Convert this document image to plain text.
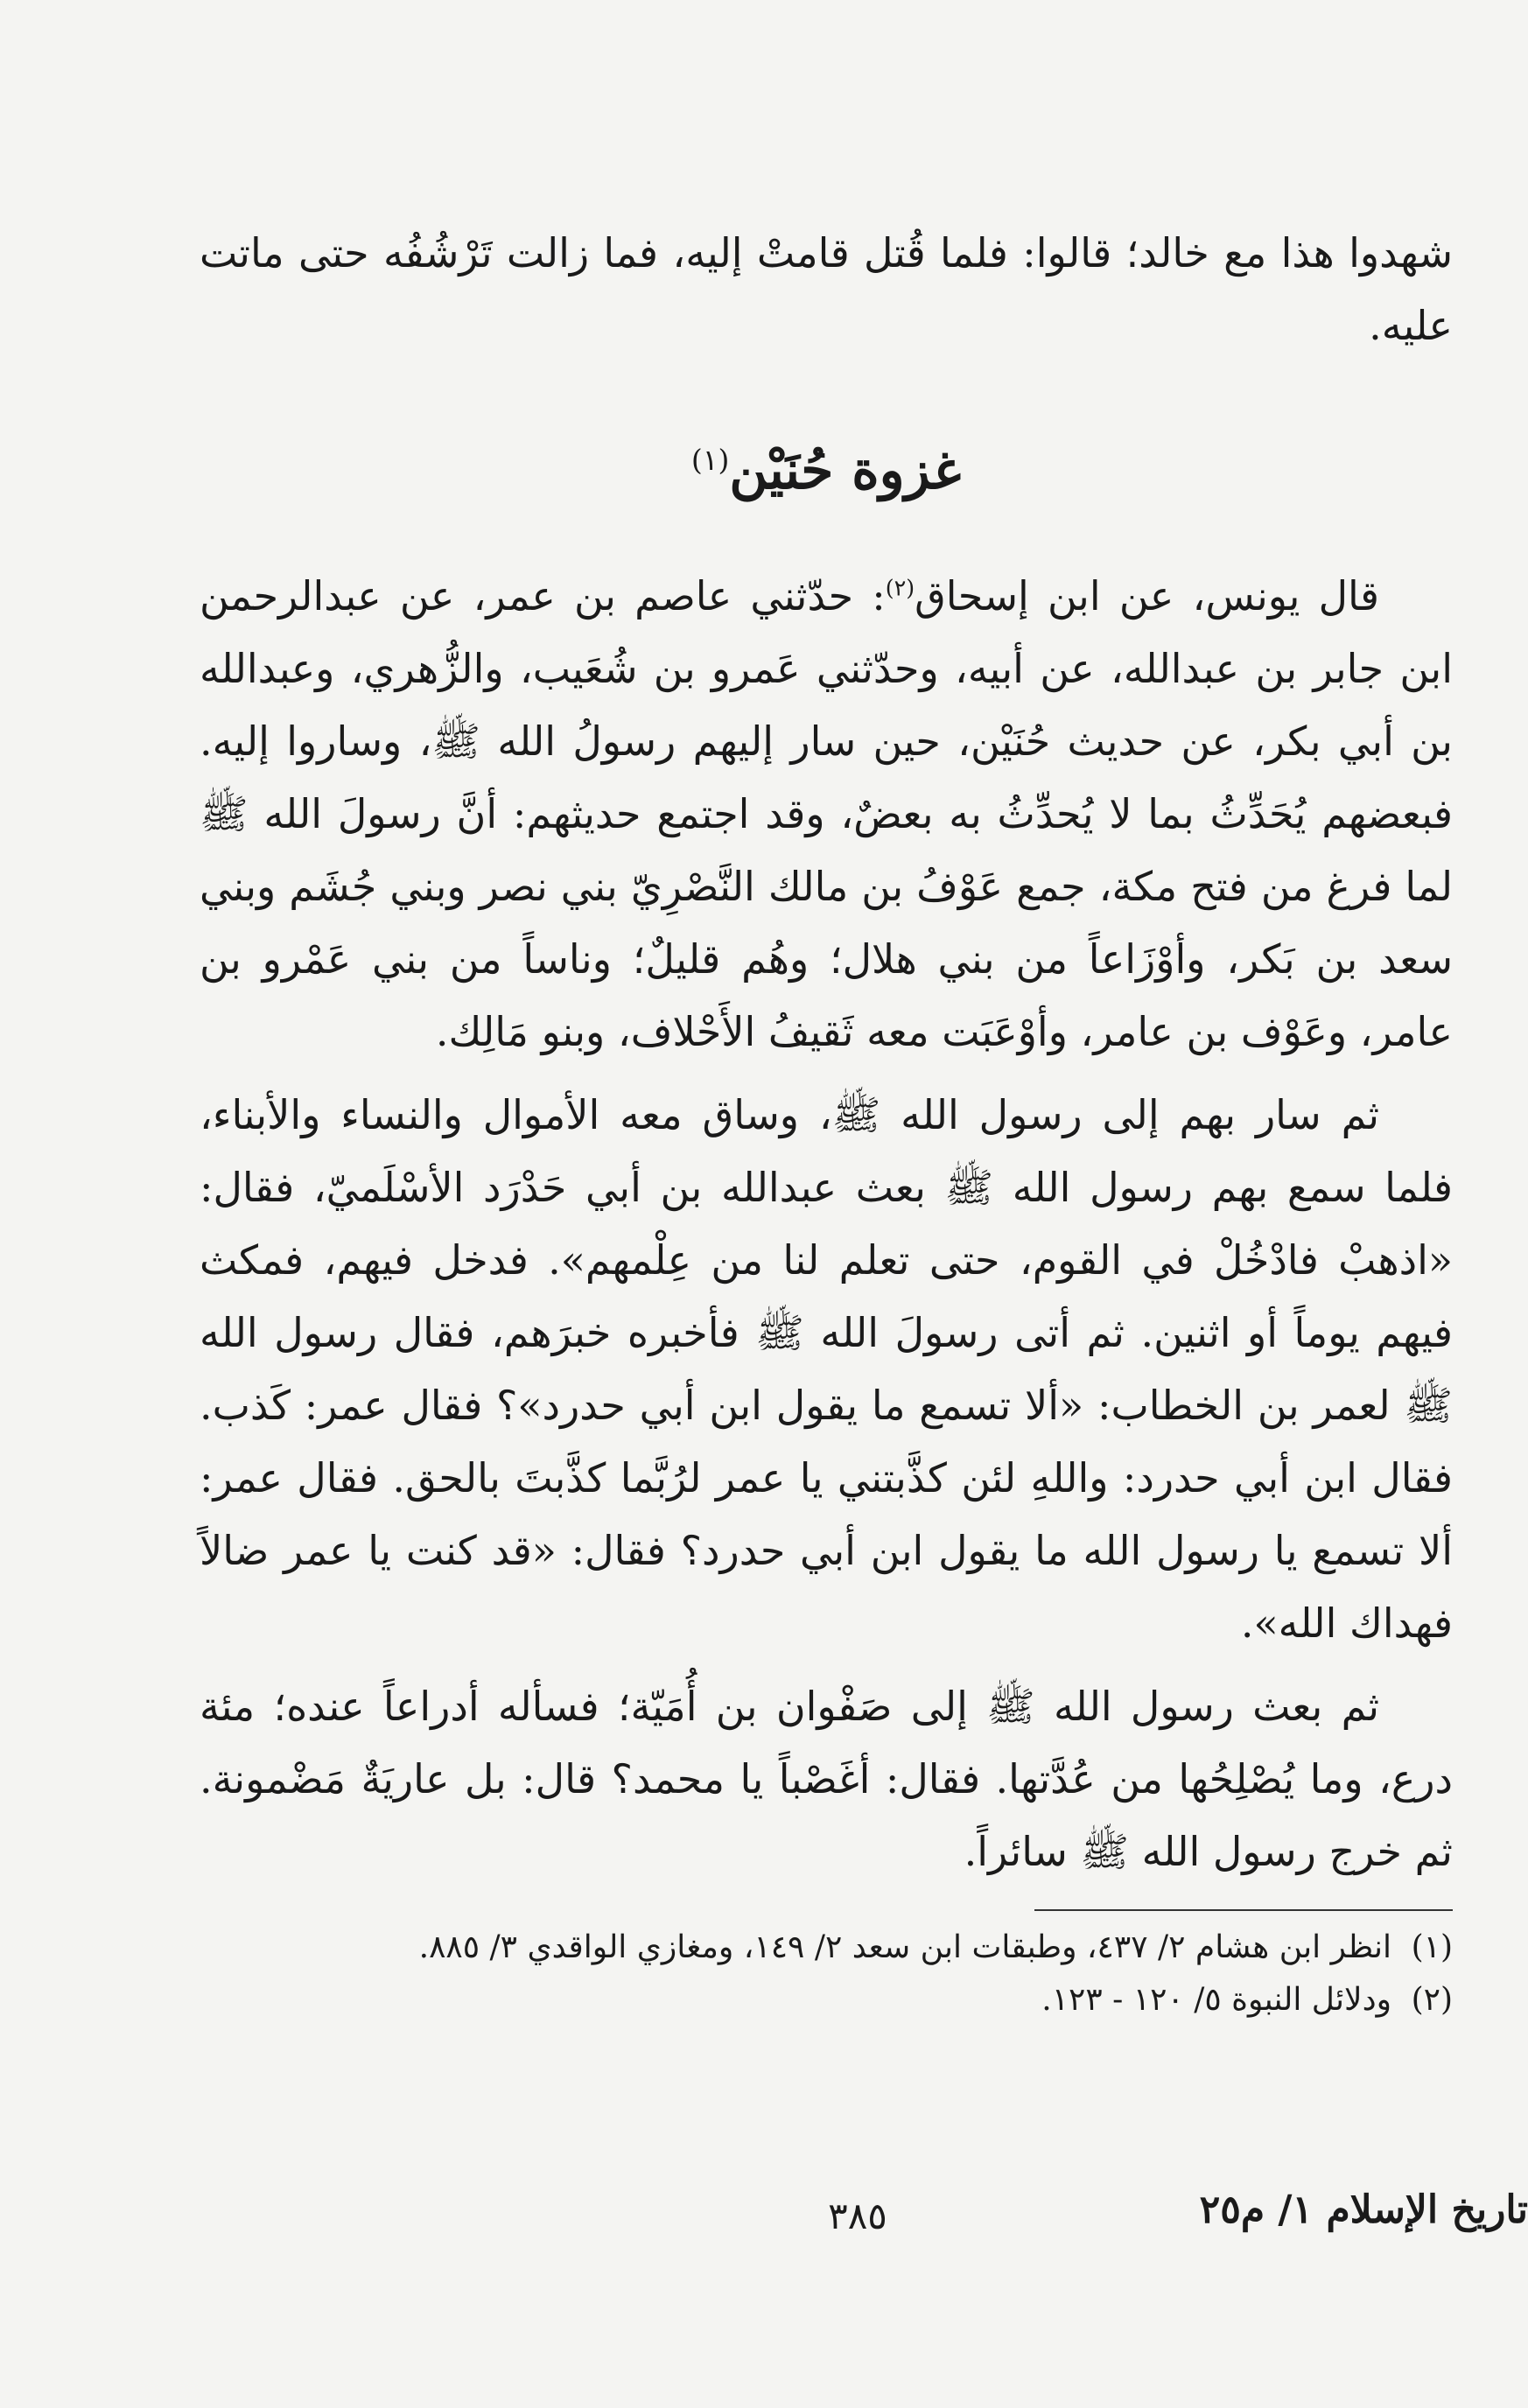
شهدوا هذا مع خالد؛ قالوا: فلما قُتل قامتْ إليه، فما زالت تَرْشُفُه حتى ماتت عليه.
غزوة حُنَيْن$^{(١)}$

قال يونس، عن ابن إسحاق$^{(٢)}$: حدّثني عاصم بن عمر، عن عبدالرحمن ابن جابر بن عبدالله، عن أبيه، وحدّثني عَمرو بن شُعَيب، والزُّهري، وعبدالله بن أبي بكر، عن حديث حُنَيْن، حين سار إليهم رسولُ الله ﷺ، وساروا إليه. فبعضهم يُحَدِّثُ بما لا يُحدِّثُ به بعضٌ، وقد اجتمع حديثهم: أنَّ رسولَ الله ﷺ لما فرغ من فتح مكة، جمع عَوْفُ بن مالك النَّصْرِيّ بني نصر وبني جُشَم وبني سعد بن بَكر، وأوْزَاعاً من بني هلال؛ وهُم قليلٌ؛ وناساً من بني عَمْرو بن عامر، وعَوْف بن عامر، وأوْعَبَت معه ثَقيفُ الأَحْلاف، وبنو مَالِك.

ثم سار بهم إلى رسول الله ﷺ، وساق معه الأموال والنساء والأبناء، فلما سمع بهم رسول الله ﷺ بعث عبدالله بن أبي حَدْرَد الأسْلَميّ، فقال: «اذهبْ فادْخُلْ في القوم، حتى تعلم لنا من عِلْمهم». فدخل فيهم، فمكث فيهم يوماً أو اثنين. ثم أتى رسولَ الله ﷺ فأخبره خبرَهم، فقال رسول الله ﷺ لعمر بن الخطاب: «ألا تسمع ما يقول ابن أبي حدرد»؟ فقال عمر: كَذب. فقال ابن أبي حدرد: واللهِ لئن كذَّبتني يا عمر لرُبَّما كذَّبتَ بالحق. فقال عمر: ألا تسمع يا رسول الله ما يقول ابن أبي حدرد؟ فقال: «قد كنت يا عمر ضالاً فهداك الله».

ثم بعث رسول الله ﷺ إلى صَفْوان بن أُمَيّة؛ فسأله أدراعاً عنده؛ مئة درع، وما يُصْلِحُها من عُدَّتها. فقال: أغَصْباً يا محمد؟ قال: بل عاريَةٌ مَضْمونة. ثم خرج رسول الله ﷺ سائراً.

(١)انظر ابن هشام ٢/ ٤٣٧، وطبقات ابن سعد ٢/ ١٤٩، ومغازي الواقدي ٣/ ٨٨٥.
(٢)ودلائل النبوة ٥/ ١٢٠ - ١٢٣.
٣٨٥	تاريخ الإسلام ١/ م٢٥
